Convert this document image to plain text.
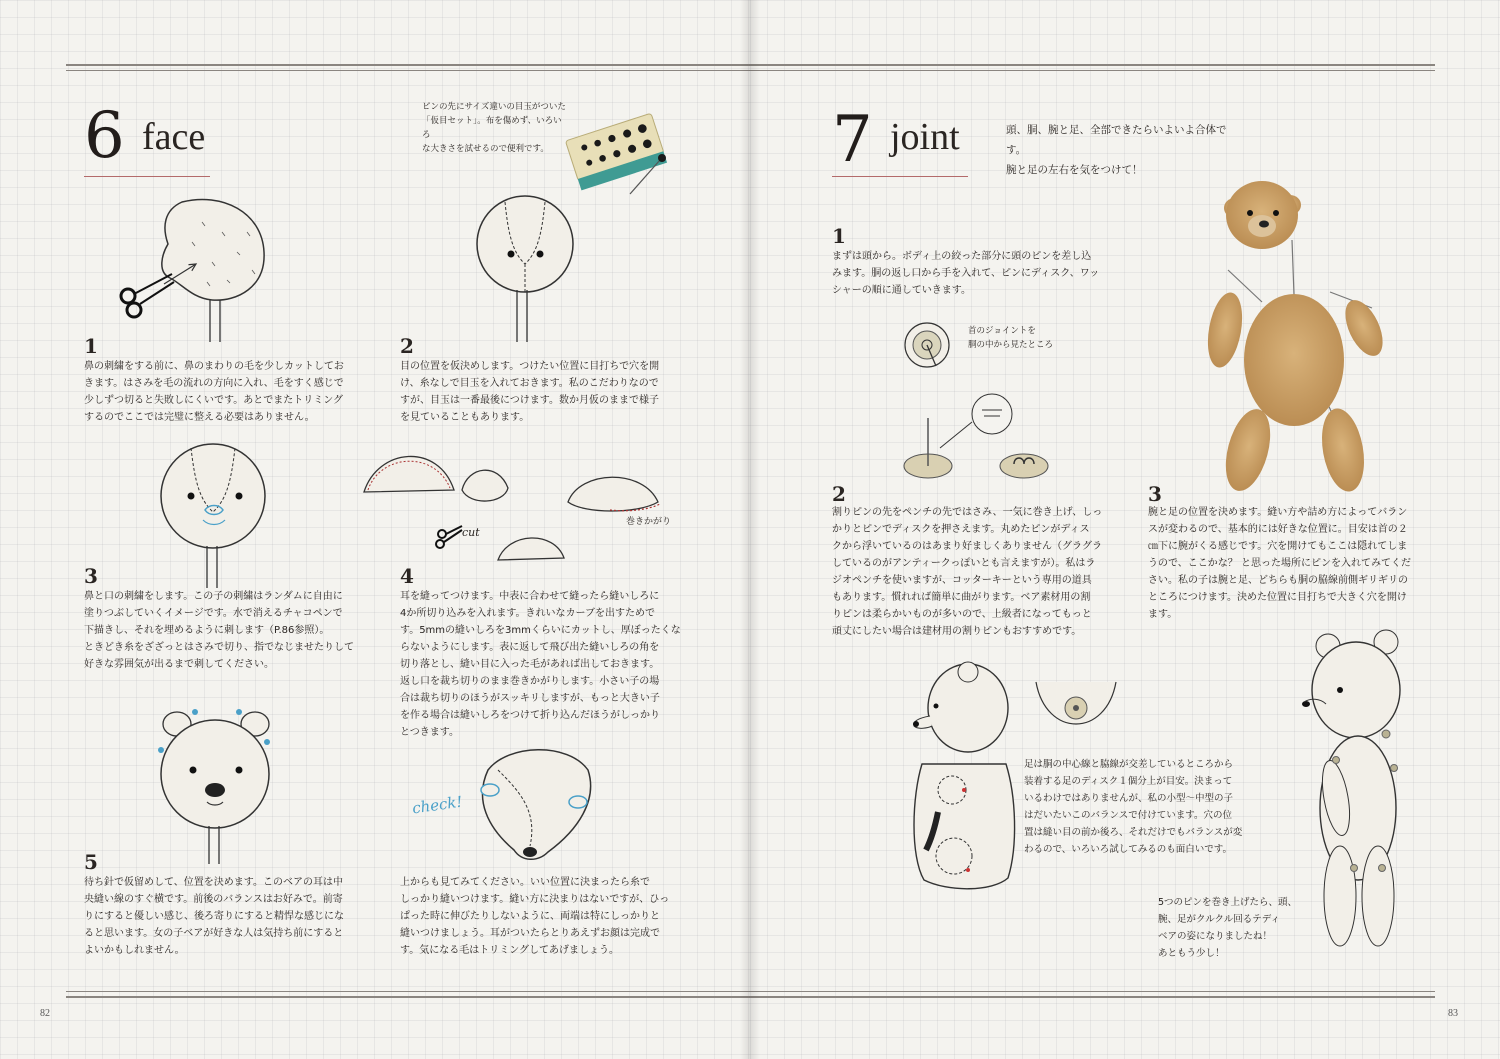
6 face
ピンの先にサイズ違いの目玉がついた
「仮目セット」。布を傷めず、いろいろ
な大きさを試せるので便利です。
1
鼻の刺繍をする前に、鼻のまわりの毛を少しカットしてお
きます。はさみを毛の流れの方向に入れ、毛をすく感じで
少しずつ切ると失敗しにくいです。あとでまたトリミング
するのでここでは完璧に整える必要はありません。
2
目の位置を仮決めします。つけたい位置に目打ちで穴を開
け、糸なしで目玉を入れておきます。私のこだわりなので
すが、目玉は一番最後につけます。数か月仮のままで様子
を見ていることもあります。
cut
巻きかがり
3
鼻と口の刺繍をします。この子の刺繍はランダムに自由に
塗りつぶしていくイメージです。水で消えるチャコペンで
下描きし、それを埋めるように刺します（P.86参照）。
ときどき糸をざざっとはさみで切り、指でなじませたりして
好きな雰囲気が出るまで刺してください。
4
耳を縫ってつけます。中表に合わせて縫ったら縫いしろに
4か所切り込みを入れます。きれいなカーブを出すためで
す。5mmの縫いしろを3mmくらいにカットし、厚ぼったくな
らないようにします。表に返して飛び出た縫いしろの角を
切り落とし、縫い目に入った毛があれば出しておきます。
返し口を裁ち切りのまま巻きかがりします。小さい子の場
合は裁ち切りのほうがスッキリしますが、もっと大きい子
を作る場合は縫いしろをつけて折り込んだほうがしっかり
とつきます。
check!
5
待ち針で仮留めして、位置を決めます。このベアの耳は中
央縫い線のすぐ横です。前後のバランスはお好みで。前寄
りにすると優しい感じ、後ろ寄りにすると精悍な感じにな
ると思います。女の子ベアが好きな人は気持ち前にすると
よいかもしれません。
上からも見てみてください。いい位置に決まったら糸で
しっかり縫いつけます。縫い方に決まりはないですが、ひっ
ぱった時に伸びたりしないように、両端は特にしっかりと
縫いつけましょう。耳がついたらとりあえずお顔は完成で
す。気になる毛はトリミングしてあげましょう。
82
7 joint	頭、胴、腕と足、全部できたらいよいよ合体です。
腕と足の左右を気をつけて！
1
まずは頭から。ボディ上の絞った部分に頭のピンを差し込
みます。胴の返し口から手を入れて、ピンにディスク、ワッ
シャーの順に通していきます。
首のジョイントを
胴の中から見たところ
2
割りピンの先をペンチの先ではさみ、一気に巻き上げ、しっ
かりとピンでディスクを押さえます。丸めたピンがディス
クから浮いているのはあまり好ましくありません（グラグラ
しているのがアンティークっぽいとも言えますが）。私はラ
ジオペンチを使いますが、コッターキーという専用の道具
もあります。慣れれば簡単に曲がります。ベア素材用の割
りピンは柔らかいものが多いので、上級者になってもっと
頑丈にしたい場合は建材用の割りピンもおすすめです。
3
腕と足の位置を決めます。縫い方や詰め方によってバラン
スが変わるので、基本的には好きな位置に。目安は首の２
㎝下に腕がくる感じです。穴を開けてもここは隠れてしま
うので、ここかな？ と思った場所にピンを入れてみてくだ
さい。私の子は腕と足、どちらも胴の脇線前側ギリギリの
ところにつけます。決めた位置に目打ちで大きく穴を開け
ます。
足は胴の中心線と脇線が交差しているところから
装着する足のディスク１個分上が目安。決まって
いるわけではありませんが、私の小型〜中型の子
はだいたいこのバランスで付けています。穴の位
置は縫い目の前か後ろ、それだけでもバランスが変
わるので、いろいろ試してみるのも面白いです。
5つのピンを巻き上げたら、頭、
腕、足がクルクル回るテディ
ベアの姿になりましたね！
あともう少し！
83
